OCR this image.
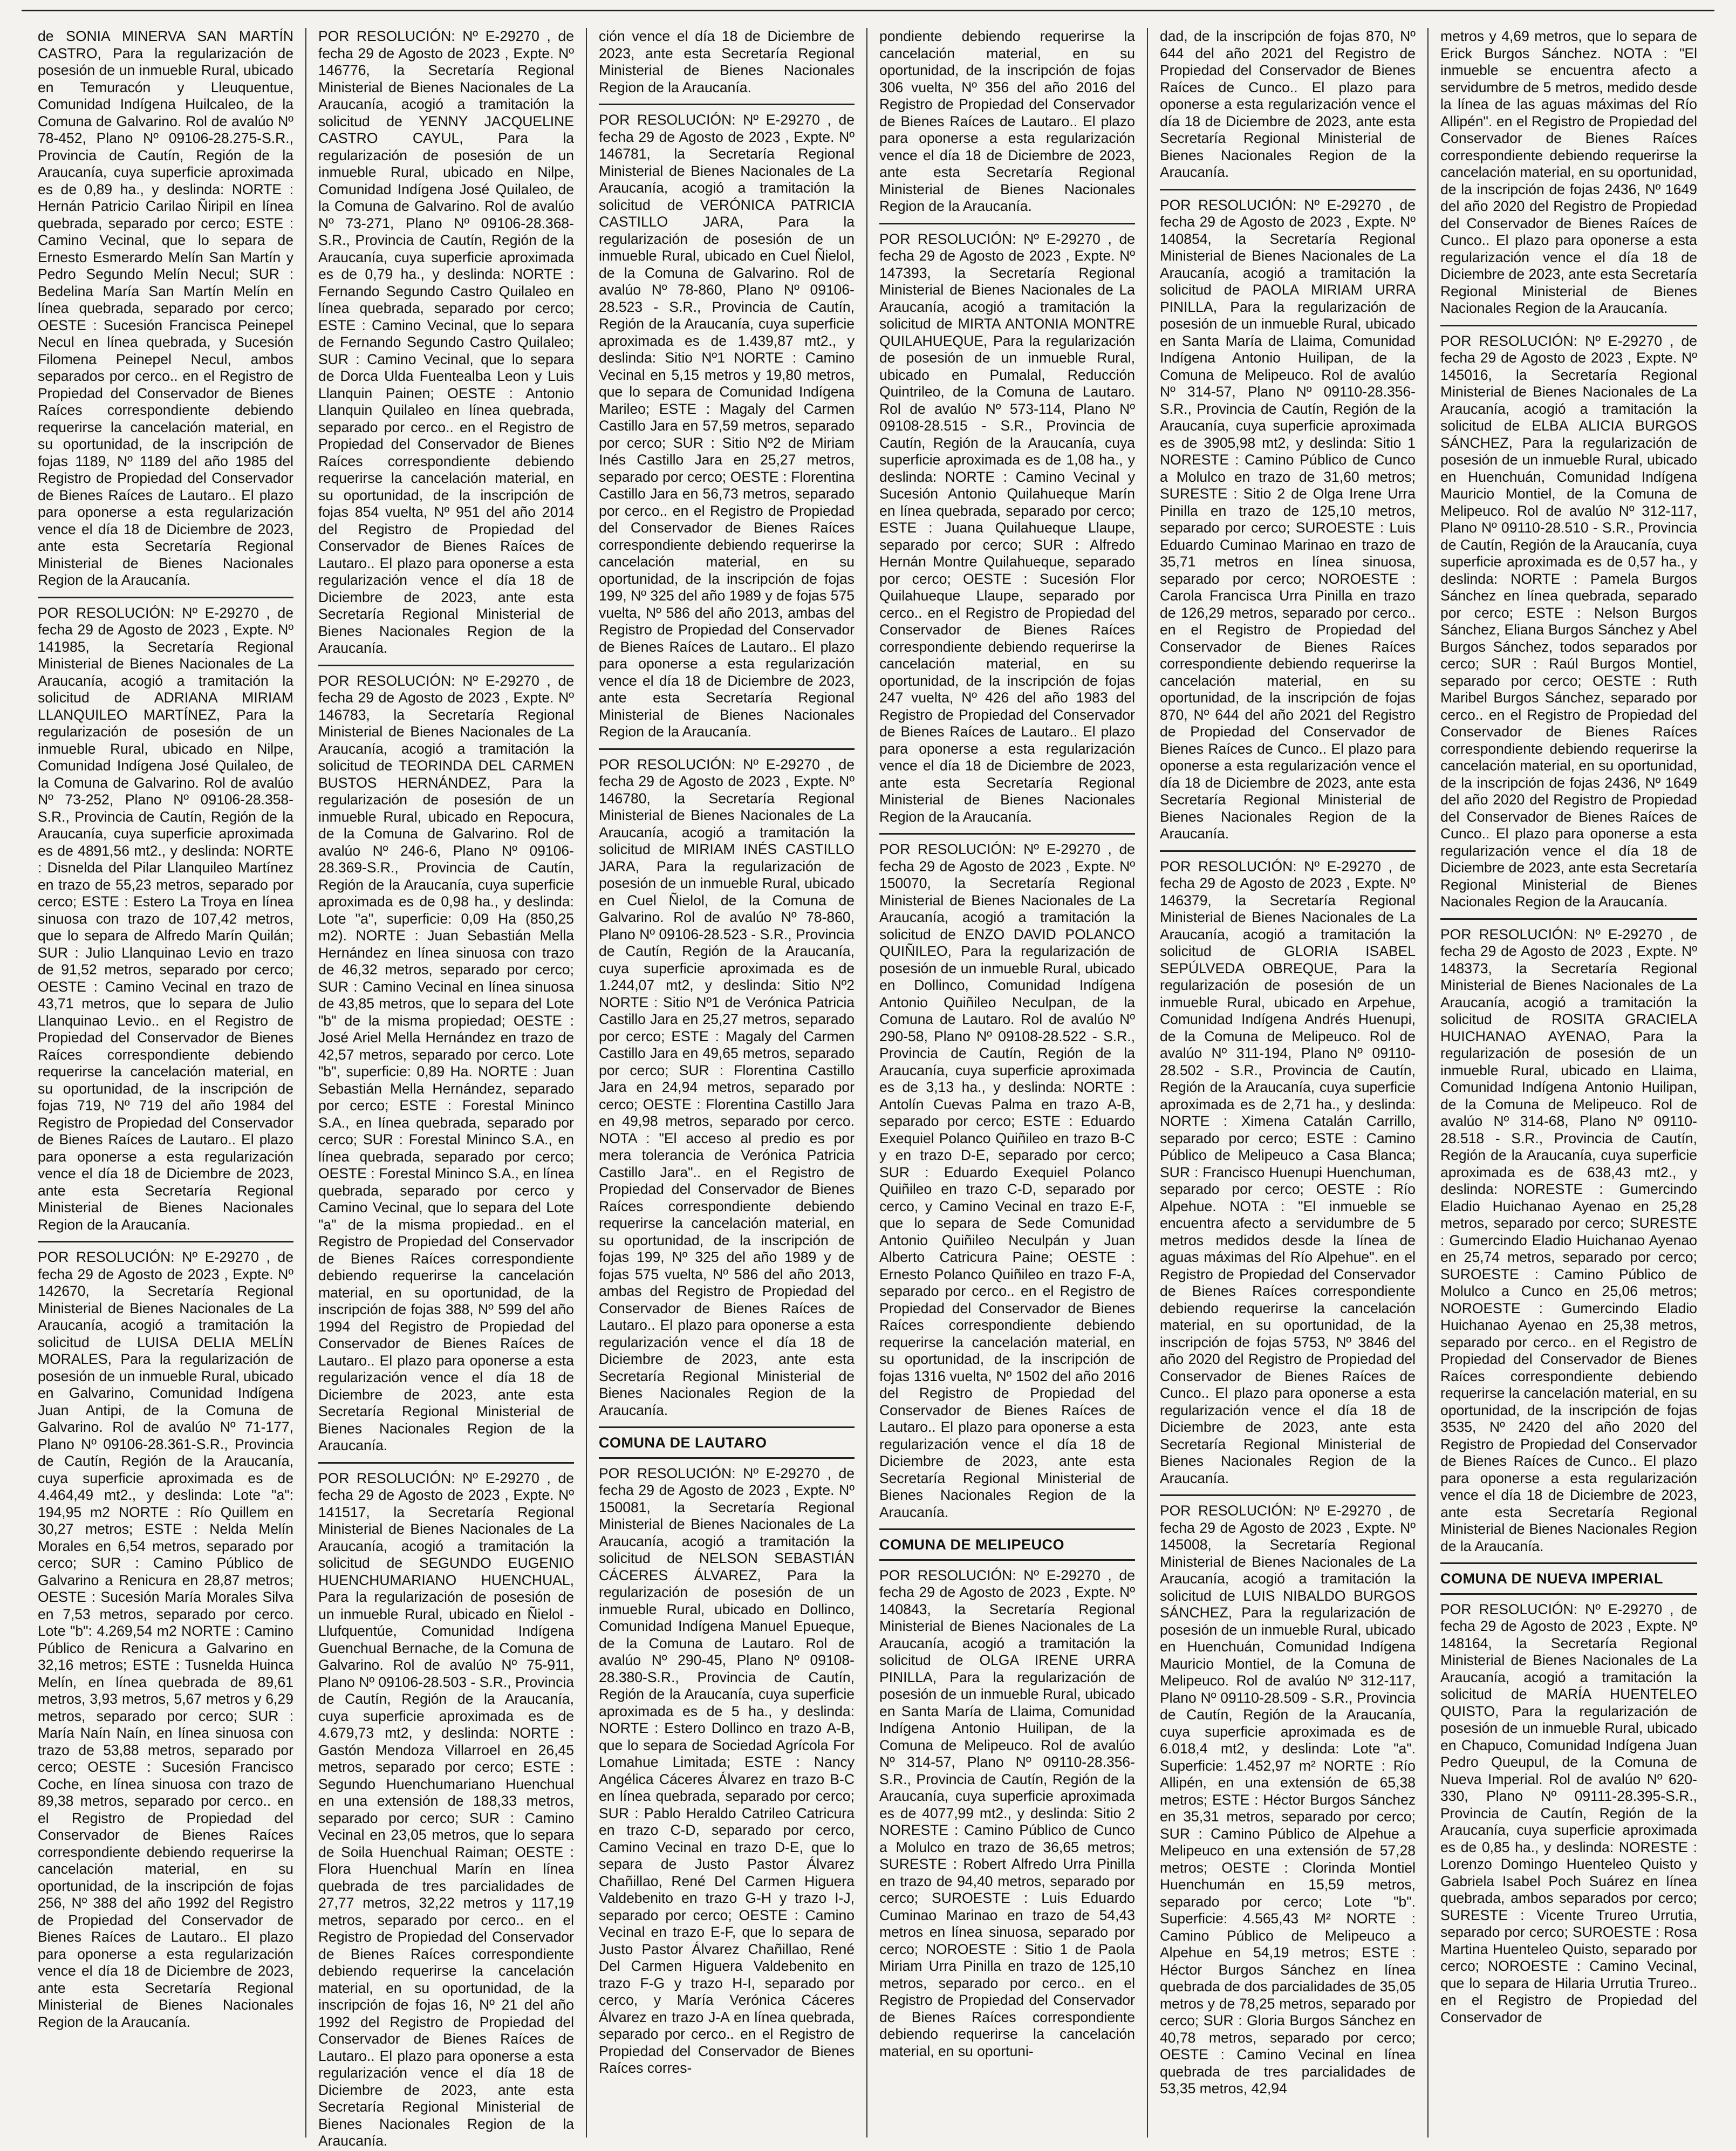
de SONIA MINERVA SAN MARTÍN CASTRO, Para la regularización de posesión de un inmueble Rural, ubicado en Temuracón y Lleuquentue, Comunidad Indígena Huilcaleo, de la Comuna de Galvarino. Rol de avalúo Nº 78-452, Plano Nº 09106-28.275-S.R., Provincia de Cautín, Región de la Araucanía, cuya superficie aproximada es de 0,89 ha., y deslinda: NORTE : Hernán Patricio Carilao Ñiripil en línea quebrada, separado por cerco; ESTE : Camino Vecinal, que lo separa de Ernesto Esmerardo Melín San Martín y Pedro Segundo Melín Necul; SUR : Bedelina María San Martín Melín en línea quebrada, separado por cerco; OESTE : Sucesión Francisca Peinepel Necul en línea quebrada, y Sucesión Filomena Peinepel Necul, ambos separados por cerco.. en el Registro de Propiedad del Conservador de Bienes Raíces correspondiente debiendo requerirse la cancelación material, en su oportunidad, de la inscripción de fojas 1189, Nº 1189 del año 1985 del Registro de Propiedad del Conservador de Bienes Raíces de Lautaro.. El plazo para oponerse a esta regularización vence el día 18 de Diciembre de 2023, ante esta Secretaría Regional Ministerial de Bienes Nacionales Region de la Araucanía.

POR RESOLUCIÓN: Nº E-29270 , de fecha 29 de Agosto de 2023 , Expte. Nº 141985, la Secretaría Regional Ministerial de Bienes Nacionales de La Araucanía, acogió a tramitación la solicitud de ADRIANA MIRIAM LLANQUILEO MARTÍNEZ, Para la regularización de posesión de un inmueble Rural, ubicado en Nilpe, Comunidad Indígena José Quilaleo, de la Comuna de Galvarino. Rol de avalúo Nº 73-252, Plano Nº 09106-28.358-S.R., Provincia de Cautín, Región de la Araucanía, cuya superficie aproximada es de 4891,56 mt2., y deslinda: NORTE : Disnelda del Pilar Llanquileo Martínez en trazo de 55,23 metros, separado por cerco; ESTE : Estero La Troya en línea sinuosa con trazo de 107,42 metros, que lo separa de Alfredo Marín Quilán; SUR : Julio Llanquinao Levio en trazo de 91,52 metros, separado por cerco; OESTE : Camino Vecinal en trazo de 43,71 metros, que lo separa de Julio Llanquinao Levio.. en el Registro de Propiedad del Conservador de Bienes Raíces correspondiente debiendo requerirse la cancelación material, en su oportunidad, de la inscripción de fojas 719, Nº 719 del año 1984 del Registro de Propiedad del Conservador de Bienes Raíces de Lautaro.. El plazo para oponerse a esta regularización vence el día 18 de Diciembre de 2023, ante esta Secretaría Regional Ministerial de Bienes Nacionales Region de la Araucanía.

POR RESOLUCIÓN: Nº E-29270 , de fecha 29 de Agosto de 2023 , Expte. Nº 142670, la Secretaría Regional Ministerial de Bienes Nacionales de La Araucanía, acogió a tramitación la solicitud de LUISA DELIA MELÍN MORALES, Para la regularización de posesión de un inmueble Rural, ubicado en Galvarino, Comunidad Indígena Juan Antipi, de la Comuna de Galvarino. Rol de avalúo Nº 71-177, Plano Nº 09106-28.361-S.R., Provincia de Cautín, Región de la Araucanía, cuya superficie aproximada es de 4.464,49 mt2., y deslinda: Lote "a": 194,95 m2 NORTE : Río Quillem en 30,27 metros; ESTE : Nelda Melín Morales en 6,54 metros, separado por cerco; SUR : Camino Público de Galvarino a Renicura en 28,87 metros; OESTE : Sucesión María Morales Silva en 7,53 metros, separado por cerco. Lote "b": 4.269,54 m2 NORTE : Camino Público de Renicura a Galvarino en 32,16 metros; ESTE : Tusnelda Huinca Melín, en línea quebrada de 89,61 metros, 3,93 metros, 5,67 metros y 6,29 metros, separado por cerco; SUR : María Naín Naín, en línea sinuosa con trazo de 53,88 metros, separado por cerco; OESTE : Sucesión Francisco Coche, en línea sinuosa con trazo de 89,38 metros, separado por cerco.. en el Registro de Propiedad del Conservador de Bienes Raíces correspondiente debiendo requerirse la cancelación material, en su oportunidad, de la inscripción de fojas 256, Nº 388 del año 1992 del Registro de Propiedad del Conservador de Bienes Raíces de Lautaro.. El plazo para oponerse a esta regularización vence el día 18 de Diciembre de 2023, ante esta Secretaría Regional Ministerial de Bienes Nacionales Region de la Araucanía.

POR RESOLUCIÓN: Nº E-29270 , de fecha 29 de Agosto de 2023 , Expte. Nº 146776, la Secretaría Regional Ministerial de Bienes Nacionales de La Araucanía, acogió a tramitación la solicitud de YENNY JACQUELINE CASTRO CAYUL, Para la regularización de posesión de un inmueble Rural, ubicado en Nilpe, Comunidad Indígena José Quilaleo, de la Comuna de Galvarino. Rol de avalúo Nº 73-271, Plano Nº 09106-28.368-S.R., Provincia de Cautín, Región de la Araucanía, cuya superficie aproximada es de 0,79 ha., y deslinda: NORTE : Fernando Segundo Castro Quilaleo en línea quebrada, separado por cerco; ESTE : Camino Vecinal, que lo separa de Fernando Segundo Castro Quilaleo; SUR : Camino Vecinal, que lo separa de Dorca Ulda Fuentealba Leon y Luis Llanquin Painen; OESTE : Antonio Llanquin Quilaleo en línea quebrada, separado por cerco.. en el Registro de Propiedad del Conservador de Bienes Raíces correspondiente debiendo requerirse la cancelación material, en su oportunidad, de la inscripción de fojas 854 vuelta, Nº 951 del año 2014 del Registro de Propiedad del Conservador de Bienes Raíces de Lautaro.. El plazo para oponerse a esta regularización vence el día 18 de Diciembre de 2023, ante esta Secretaría Regional Ministerial de Bienes Nacionales Region de la Araucanía.

POR RESOLUCIÓN: Nº E-29270 , de fecha 29 de Agosto de 2023 , Expte. Nº 146783, la Secretaría Regional Ministerial de Bienes Nacionales de La Araucanía, acogió a tramitación la solicitud de TEORINDA DEL CARMEN BUSTOS HERNÁNDEZ, Para la regularización de posesión de un inmueble Rural, ubicado en Repocura, de la Comuna de Galvarino. Rol de avalúo Nº 246-6, Plano Nº 09106-28.369-S.R., Provincia de Cautín, Región de la Araucanía, cuya superficie aproximada es de 0,98 ha., y deslinda: Lote "a", superficie: 0,09 Ha (850,25 m2). NORTE : Juan Sebastián Mella Hernández en línea sinuosa con trazo de 46,32 metros, separado por cerco; SUR : Camino Vecinal en línea sinuosa de 43,85 metros, que lo separa del Lote "b" de la misma propiedad; OESTE : José Ariel Mella Hernández en trazo de 42,57 metros, separado por cerco. Lote "b", superficie: 0,89 Ha. NORTE : Juan Sebastián Mella Hernández, separado por cerco; ESTE : Forestal Mininco S.A., en línea quebrada, separado por cerco; SUR : Forestal Mininco S.A., en línea quebrada, separado por cerco; OESTE : Forestal Mininco S.A., en línea quebrada, separado por cerco y Camino Vecinal, que lo separa del Lote "a" de la misma propiedad.. en el Registro de Propiedad del Conservador de Bienes Raíces correspondiente debiendo requerirse la cancelación material, en su oportunidad, de la inscripción de fojas 388, Nº 599 del año 1994 del Registro de Propiedad del Conservador de Bienes Raíces de Lautaro.. El plazo para oponerse a esta regularización vence el día 18 de Diciembre de 2023, ante esta Secretaría Regional Ministerial de Bienes Nacionales Region de la Araucanía.

POR RESOLUCIÓN: Nº E-29270 , de fecha 29 de Agosto de 2023 , Expte. Nº 141517, la Secretaría Regional Ministerial de Bienes Nacionales de La Araucanía, acogió a tramitación la solicitud de SEGUNDO EUGENIO HUENCHUMARIANO HUENCHUAL, Para la regularización de posesión de un inmueble Rural, ubicado en Ñielol - Llufquentúe, Comunidad Indígena Guenchual Bernache, de la Comuna de Galvarino. Rol de avalúo Nº 75-911, Plano Nº 09106-28.503 - S.R., Provincia de Cautín, Región de la Araucanía, cuya superficie aproximada es de 4.679,73 mt2, y deslinda: NORTE : Gastón Mendoza Villarroel en 26,45 metros, separado por cerco; ESTE : Segundo Huenchumariano Huenchual en una extensión de 188,33 metros, separado por cerco; SUR : Camino Vecinal en 23,05 metros, que lo separa de Soila Huenchual Raiman; OESTE : Flora Huenchual Marín en línea quebrada de tres parcialidades de 27,77 metros, 32,22 metros y 117,19 metros, separado por cerco.. en el Registro de Propiedad del Conservador de Bienes Raíces correspondiente debiendo requerirse la cancelación material, en su oportunidad, de la inscripción de fojas 16, Nº 21 del año 1992 del Registro de Propiedad del Conservador de Bienes Raíces de Lautaro.. El plazo para oponerse a esta regularización vence el día 18 de Diciembre de 2023, ante esta Secretaría Regional Ministerial de Bienes Nacionales Region de la Araucanía.

ción vence el día 18 de Diciembre de 2023, ante esta Secretaría Regional Ministerial de Bienes Nacionales Region de la Araucanía.

POR RESOLUCIÓN: Nº E-29270 , de fecha 29 de Agosto de 2023 , Expte. Nº 146781, la Secretaría Regional Ministerial de Bienes Nacionales de La Araucanía, acogió a tramitación la solicitud de VERÓNICA PATRICIA CASTILLO JARA, Para la regularización de posesión de un inmueble Rural, ubicado en Cuel Ñielol, de la Comuna de Galvarino. Rol de avalúo Nº 78-860, Plano Nº 09106-28.523 - S.R., Provincia de Cautín, Región de la Araucanía, cuya superficie aproximada es de 1.439,87 mt2., y deslinda: Sitio Nº1 NORTE : Camino Vecinal en 5,15 metros y 19,80 metros, que lo separa de Comunidad Indígena Marileo; ESTE : Magaly del Carmen Castillo Jara en 57,59 metros, separado por cerco; SUR : Sitio Nº2 de Miriam Inés Castillo Jara en 25,27 metros, separado por cerco; OESTE : Florentina Castillo Jara en 56,73 metros, separado por cerco.. en el Registro de Propiedad del Conservador de Bienes Raíces correspondiente debiendo requerirse la cancelación material, en su oportunidad, de la inscripción de fojas 199, Nº 325 del año 1989 y de fojas 575 vuelta, Nº 586 del año 2013, ambas del Registro de Propiedad del Conservador de Bienes Raíces de Lautaro.. El plazo para oponerse a esta regularización vence el día 18 de Diciembre de 2023, ante esta Secretaría Regional Ministerial de Bienes Nacionales Region de la Araucanía.

POR RESOLUCIÓN: Nº E-29270 , de fecha 29 de Agosto de 2023 , Expte. Nº 146780, la Secretaría Regional Ministerial de Bienes Nacionales de La Araucanía, acogió a tramitación la solicitud de MIRIAM INÉS CASTILLO JARA, Para la regularización de posesión de un inmueble Rural, ubicado en Cuel Ñielol, de la Comuna de Galvarino. Rol de avalúo Nº 78-860, Plano Nº 09106-28.523 - S.R., Provincia de Cautín, Región de la Araucanía, cuya superficie aproximada es de 1.244,07 mt2, y deslinda: Sitio Nº2 NORTE : Sitio Nº1 de Verónica Patricia Castillo Jara en 25,27 metros, separado por cerco; ESTE : Magaly del Carmen Castillo Jara en 49,65 metros, separado por cerco; SUR : Florentina Castillo Jara en 24,94 metros, separado por cerco; OESTE : Florentina Castillo Jara en 49,98 metros, separado por cerco. NOTA : "El acceso al predio es por mera tolerancia de Verónica Patricia Castillo Jara".. en el Registro de Propiedad del Conservador de Bienes Raíces correspondiente debiendo requerirse la cancelación material, en su oportunidad, de la inscripción de fojas 199, Nº 325 del año 1989 y de fojas 575 vuelta, Nº 586 del año 2013, ambas del Registro de Propiedad del Conservador de Bienes Raíces de Lautaro.. El plazo para oponerse a esta regularización vence el día 18 de Diciembre de 2023, ante esta Secretaría Regional Ministerial de Bienes Nacionales Region de la Araucanía.

COMUNA DE LAUTARO

POR RESOLUCIÓN: Nº E-29270 , de fecha 29 de Agosto de 2023 , Expte. Nº 150081, la Secretaría Regional Ministerial de Bienes Nacionales de La Araucanía, acogió a tramitación la solicitud de NELSON SEBASTIÁN CÁCERES ÁLVAREZ, Para la regularización de posesión de un inmueble Rural, ubicado en Dollinco, Comunidad Indígena Manuel Epueque, de la Comuna de Lautaro. Rol de avalúo Nº 290-45, Plano Nº 09108-28.380-S.R., Provincia de Cautín, Región de la Araucanía, cuya superficie aproximada es de 5 ha., y deslinda: NORTE : Estero Dollinco en trazo A-B, que lo separa de Sociedad Agrícola For Lomahue Limitada; ESTE : Nancy Angélica Cáceres Álvarez en trazo B-C en línea quebrada, separado por cerco; SUR : Pablo Heraldo Catrileo Catricura en trazo C-D, separado por cerco, Camino Vecinal en trazo D-E, que lo separa de Justo Pastor Álvarez Chañillao, René Del Carmen Higuera Valdebenito en trazo G-H y trazo I-J, separado por cerco; OESTE : Camino Vecinal en trazo E-F, que lo separa de Justo Pastor Álvarez Chañillao, René Del Carmen Higuera Valdebenito en trazo F-G y trazo H-I, separado por cerco, y María Verónica Cáceres Álvarez en trazo J-A en línea quebrada, separado por cerco.. en el Registro de Propiedad del Conservador de Bienes Raíces corres-

pondiente debiendo requerirse la cancelación material, en su oportunidad, de la inscripción de fojas 306 vuelta, Nº 356 del año 2016 del Registro de Propiedad del Conservador de Bienes Raíces de Lautaro.. El plazo para oponerse a esta regularización vence el día 18 de Diciembre de 2023, ante esta Secretaría Regional Ministerial de Bienes Nacionales Region de la Araucanía.

POR RESOLUCIÓN: Nº E-29270 , de fecha 29 de Agosto de 2023 , Expte. Nº 147393, la Secretaría Regional Ministerial de Bienes Nacionales de La Araucanía, acogió a tramitación la solicitud de MIRTA ANTONIA MONTRE QUILAHUEQUE, Para la regularización de posesión de un inmueble Rural, ubicado en Pumalal, Reducción Quintrileo, de la Comuna de Lautaro. Rol de avalúo Nº 573-114, Plano Nº 09108-28.515 - S.R., Provincia de Cautín, Región de la Araucanía, cuya superficie aproximada es de 1,08 ha., y deslinda: NORTE : Camino Vecinal y Sucesión Antonio Quilahueque Marín en línea quebrada, separado por cerco; ESTE : Juana Quilahueque Llaupe, separado por cerco; SUR : Alfredo Hernán Montre Quilahueque, separado por cerco; OESTE : Sucesión Flor Quilahueque Llaupe, separado por cerco.. en el Registro de Propiedad del Conservador de Bienes Raíces correspondiente debiendo requerirse la cancelación material, en su oportunidad, de la inscripción de fojas 247 vuelta, Nº 426 del año 1983 del Registro de Propiedad del Conservador de Bienes Raíces de Lautaro.. El plazo para oponerse a esta regularización vence el día 18 de Diciembre de 2023, ante esta Secretaría Regional Ministerial de Bienes Nacionales Region de la Araucanía.

POR RESOLUCIÓN: Nº E-29270 , de fecha 29 de Agosto de 2023 , Expte. Nº 150070, la Secretaría Regional Ministerial de Bienes Nacionales de La Araucanía, acogió a tramitación la solicitud de ENZO DAVID POLANCO QUIÑILEO, Para la regularización de posesión de un inmueble Rural, ubicado en Dollinco, Comunidad Indígena Antonio Quiñileo Neculpan, de la Comuna de Lautaro. Rol de avalúo Nº 290-58, Plano Nº 09108-28.522 - S.R., Provincia de Cautín, Región de la Araucanía, cuya superficie aproximada es de 3,13 ha., y deslinda: NORTE : Antolín Cuevas Palma en trazo A-B, separado por cerco; ESTE : Eduardo Exequiel Polanco Quiñileo en trazo B-C y en trazo D-E, separado por cerco; SUR : Eduardo Exequiel Polanco Quiñileo en trazo C-D, separado por cerco, y Camino Vecinal en trazo E-F, que lo separa de Sede Comunidad Antonio Quiñileo Neculpán y Juan Alberto Catricura Paine; OESTE : Ernesto Polanco Quiñileo en trazo F-A, separado por cerco.. en el Registro de Propiedad del Conservador de Bienes Raíces correspondiente debiendo requerirse la cancelación material, en su oportunidad, de la inscripción de fojas 1316 vuelta, Nº 1502 del año 2016 del Registro de Propiedad del Conservador de Bienes Raíces de Lautaro.. El plazo para oponerse a esta regularización vence el día 18 de Diciembre de 2023, ante esta Secretaría Regional Ministerial de Bienes Nacionales Region de la Araucanía.

COMUNA DE MELIPEUCO

POR RESOLUCIÓN: Nº E-29270 , de fecha 29 de Agosto de 2023 , Expte. Nº 140843, la Secretaría Regional Ministerial de Bienes Nacionales de La Araucanía, acogió a tramitación la solicitud de OLGA IRENE URRA PINILLA, Para la regularización de posesión de un inmueble Rural, ubicado en Santa María de Llaima, Comunidad Indígena Antonio Huilipan, de la Comuna de Melipeuco. Rol de avalúo Nº 314-57, Plano Nº 09110-28.356-S.R., Provincia de Cautín, Región de la Araucanía, cuya superficie aproximada es de 4077,99 mt2., y deslinda: Sitio 2 NORESTE : Camino Público de Cunco a Molulco en trazo de 36,65 metros; SURESTE : Robert Alfredo Urra Pinilla en trazo de 94,40 metros, separado por cerco; SUROESTE : Luis Eduardo Cuminao Marinao en trazo de 54,43 metros en línea sinuosa, separado por cerco; NOROESTE : Sitio 1 de Paola Miriam Urra Pinilla en trazo de 125,10 metros, separado por cerco.. en el Registro de Propiedad del Conservador de Bienes Raíces correspondiente debiendo requerirse la cancelación material, en su oportuni-

dad, de la inscripción de fojas 870, Nº 644 del año 2021 del Registro de Propiedad del Conservador de Bienes Raíces de Cunco.. El plazo para oponerse a esta regularización vence el día 18 de Diciembre de 2023, ante esta Secretaría Regional Ministerial de Bienes Nacionales Region de la Araucanía.

POR RESOLUCIÓN: Nº E-29270 , de fecha 29 de Agosto de 2023 , Expte. Nº 140854, la Secretaría Regional Ministerial de Bienes Nacionales de La Araucanía, acogió a tramitación la solicitud de PAOLA MIRIAM URRA PINILLA, Para la regularización de posesión de un inmueble Rural, ubicado en Santa María de Llaima, Comunidad Indígena Antonio Huilipan, de la Comuna de Melipeuco. Rol de avalúo Nº 314-57, Plano Nº 09110-28.356-S.R., Provincia de Cautín, Región de la Araucanía, cuya superficie aproximada es de 3905,98 mt2, y deslinda: Sitio 1 NORESTE : Camino Público de Cunco a Molulco en trazo de 31,60 metros; SURESTE : Sitio 2 de Olga Irene Urra Pinilla en trazo de 125,10 metros, separado por cerco; SUROESTE : Luis Eduardo Cuminao Marinao en trazo de 35,71 metros en línea sinuosa, separado por cerco; NOROESTE : Carola Francisca Urra Pinilla en trazo de 126,29 metros, separado por cerco.. en el Registro de Propiedad del Conservador de Bienes Raíces correspondiente debiendo requerirse la cancelación material, en su oportunidad, de la inscripción de fojas 870, Nº 644 del año 2021 del Registro de Propiedad del Conservador de Bienes Raíces de Cunco.. El plazo para oponerse a esta regularización vence el día 18 de Diciembre de 2023, ante esta Secretaría Regional Ministerial de Bienes Nacionales Region de la Araucanía.

POR RESOLUCIÓN: Nº E-29270 , de fecha 29 de Agosto de 2023 , Expte. Nº 146379, la Secretaría Regional Ministerial de Bienes Nacionales de La Araucanía, acogió a tramitación la solicitud de GLORIA ISABEL SEPÚLVEDA OBREQUE, Para la regularización de posesión de un inmueble Rural, ubicado en Arpehue, Comunidad Indígena Andrés Huenupi, de la Comuna de Melipeuco. Rol de avalúo Nº 311-194, Plano Nº 09110-28.502 - S.R., Provincia de Cautín, Región de la Araucanía, cuya superficie aproximada es de 2,71 ha., y deslinda: NORTE : Ximena Catalán Carrillo, separado por cerco; ESTE : Camino Público de Melipeuco a Casa Blanca; SUR : Francisco Huenupi Huenchuman, separado por cerco; OESTE : Río Alpehue. NOTA : "El inmueble se encuentra afecto a servidumbre de 5 metros medidos desde la línea de aguas máximas del Río Alpehue". en el Registro de Propiedad del Conservador de Bienes Raíces correspondiente debiendo requerirse la cancelación material, en su oportunidad, de la inscripción de fojas 5753, Nº 3846 del año 2020 del Registro de Propiedad del Conservador de Bienes Raíces de Cunco.. El plazo para oponerse a esta regularización vence el día 18 de Diciembre de 2023, ante esta Secretaría Regional Ministerial de Bienes Nacionales Region de la Araucanía.

POR RESOLUCIÓN: Nº E-29270 , de fecha 29 de Agosto de 2023 , Expte. Nº 145008, la Secretaría Regional Ministerial de Bienes Nacionales de La Araucanía, acogió a tramitación la solicitud de LUIS NIBALDO BURGOS SÁNCHEZ, Para la regularización de posesión de un inmueble Rural, ubicado en Huenchuán, Comunidad Indígena Mauricio Montiel, de la Comuna de Melipeuco. Rol de avalúo Nº 312-117, Plano Nº 09110-28.509 - S.R., Provincia de Cautín, Región de la Araucanía, cuya superficie aproximada es de 6.018,4 mt2, y deslinda: Lote "a". Superficie: 1.452,97 m² NORTE : Río Allipén, en una extensión de 65,38 metros; ESTE : Héctor Burgos Sánchez en 35,31 metros, separado por cerco; SUR : Camino Público de Alpehue a Melipeuco en una extensión de 57,28 metros; OESTE : Clorinda Montiel Huenchumán en 15,59 metros, separado por cerco; Lote "b". Superficie: 4.565,43 M² NORTE : Camino Público de Melipeuco a Alpehue en 54,19 metros; ESTE : Héctor Burgos Sánchez en línea quebrada de dos parcialidades de 35,05 metros y de 78,25 metros, separado por cerco; SUR : Gloria Burgos Sánchez en 40,78 metros, separado por cerco; OESTE : Camino Vecinal en línea quebrada de tres parcialidades de 53,35 metros, 42,94

metros y 4,69 metros, que lo separa de Erick Burgos Sánchez. NOTA : "El inmueble se encuentra afecto a servidumbre de 5 metros, medido desde la línea de las aguas máximas del Río Allipén". en el Registro de Propiedad del Conservador de Bienes Raíces correspondiente debiendo requerirse la cancelación material, en su oportunidad, de la inscripción de fojas 2436, Nº 1649 del año 2020 del Registro de Propiedad del Conservador de Bienes Raíces de Cunco.. El plazo para oponerse a esta regularización vence el día 18 de Diciembre de 2023, ante esta Secretaría Regional Ministerial de Bienes Nacionales Region de la Araucanía.

POR RESOLUCIÓN: Nº E-29270 , de fecha 29 de Agosto de 2023 , Expte. Nº 145016, la Secretaría Regional Ministerial de Bienes Nacionales de La Araucanía, acogió a tramitación la solicitud de ELBA ALICIA BURGOS SÁNCHEZ, Para la regularización de posesión de un inmueble Rural, ubicado en Huenchuán, Comunidad Indígena Mauricio Montiel, de la Comuna de Melipeuco. Rol de avalúo Nº 312-117, Plano Nº 09110-28.510 - S.R., Provincia de Cautín, Región de la Araucanía, cuya superficie aproximada es de 0,57 ha., y deslinda: NORTE : Pamela Burgos Sánchez en línea quebrada, separado por cerco; ESTE : Nelson Burgos Sánchez, Eliana Burgos Sánchez y Abel Burgos Sánchez, todos separados por cerco; SUR : Raúl Burgos Montiel, separado por cerco; OESTE : Ruth Maribel Burgos Sánchez, separado por cerco.. en el Registro de Propiedad del Conservador de Bienes Raíces correspondiente debiendo requerirse la cancelación material, en su oportunidad, de la inscripción de fojas 2436, Nº 1649 del año 2020 del Registro de Propiedad del Conservador de Bienes Raíces de Cunco.. El plazo para oponerse a esta regularización vence el día 18 de Diciembre de 2023, ante esta Secretaría Regional Ministerial de Bienes Nacionales Region de la Araucanía.

POR RESOLUCIÓN: Nº E-29270 , de fecha 29 de Agosto de 2023 , Expte. Nº 148373, la Secretaría Regional Ministerial de Bienes Nacionales de La Araucanía, acogió a tramitación la solicitud de ROSITA GRACIELA HUICHANAO AYENAO, Para la regularización de posesión de un inmueble Rural, ubicado en Llaima, Comunidad Indígena Antonio Huilipan, de la Comuna de Melipeuco. Rol de avalúo Nº 314-68, Plano Nº 09110-28.518 - S.R., Provincia de Cautín, Región de la Araucanía, cuya superficie aproximada es de 638,43 mt2., y deslinda: NORESTE : Gumercindo Eladio Huichanao Ayenao en 25,28 metros, separado por cerco; SURESTE : Gumercindo Eladio Huichanao Ayenao en 25,74 metros, separado por cerco; SUROESTE : Camino Público de Molulco a Cunco en 25,06 metros; NOROESTE : Gumercindo Eladio Huichanao Ayenao en 25,38 metros, separado por cerco.. en el Registro de Propiedad del Conservador de Bienes Raíces correspondiente debiendo requerirse la cancelación material, en su oportunidad, de la inscripción de fojas 3535, Nº 2420 del año 2020 del Registro de Propiedad del Conservador de Bienes Raíces de Cunco.. El plazo para oponerse a esta regularización vence el día 18 de Diciembre de 2023, ante esta Secretaría Regional Ministerial de Bienes Nacionales Region de la Araucanía.

COMUNA DE NUEVA IMPERIAL

POR RESOLUCIÓN: Nº E-29270 , de fecha 29 de Agosto de 2023 , Expte. Nº 148164, la Secretaría Regional Ministerial de Bienes Nacionales de La Araucanía, acogió a tramitación la solicitud de MARÍA HUENTELEO QUISTO, Para la regularización de posesión de un inmueble Rural, ubicado en Chapuco, Comunidad Indígena Juan Pedro Queupul, de la Comuna de Nueva Imperial. Rol de avalúo Nº 620-330, Plano Nº 09111-28.395-S.R., Provincia de Cautín, Región de la Araucanía, cuya superficie aproximada es de 0,85 ha., y deslinda: NORESTE : Lorenzo Domingo Huenteleo Quisto y Gabriela Isabel Poch Suárez en línea quebrada, ambos separados por cerco; SURESTE : Vicente Trureo Urrutia, separado por cerco; SUROESTE : Rosa Martina Huenteleo Quisto, separado por cerco; NOROESTE : Camino Vecinal, que lo separa de Hilaria Urrutia Trureo.. en el Registro de Propiedad del Conservador de
